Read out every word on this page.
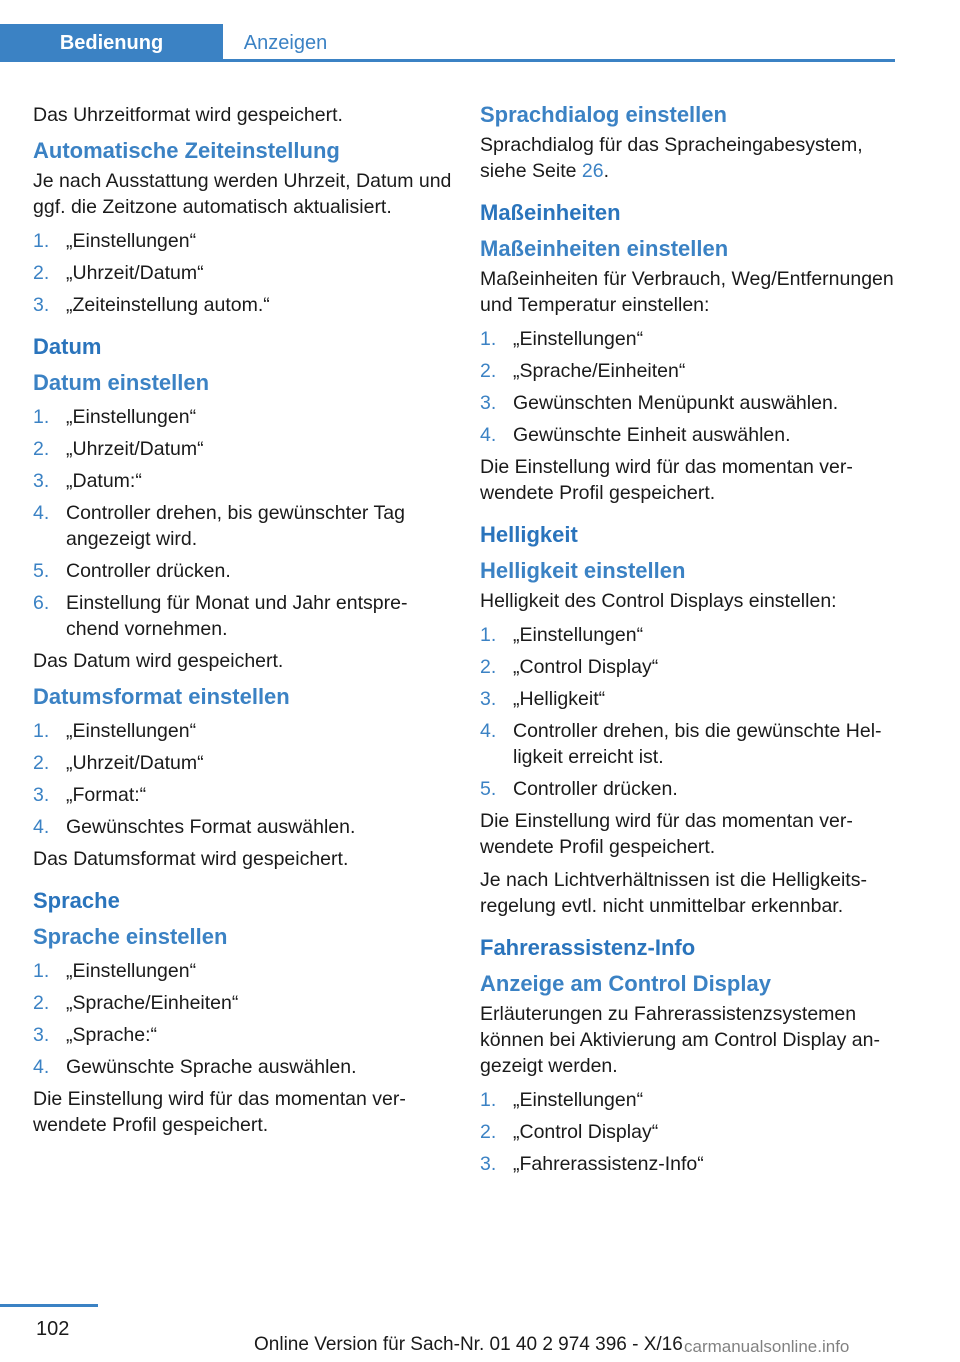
Bedienung	Anzeigen

Das Uhrzeitformat wird gespeichert.

Automatische Zeiteinstellung

Je nach Ausstattung werden Uhrzeit, Datum und ggf. die Zeitzone automatisch aktualisiert.

1. „Einstellungen“
2. „Uhrzeit/Datum“
3. „Zeiteinstellung autom.“
Datum
Datum einstellen
1. „Einstellungen“
2. „Uhrzeit/Datum“
3. „Datum:“
4. Controller drehen, bis gewünschter Tag angezeigt wird.
5. Controller drücken.
6. Einstellung für Monat und Jahr entsprechend vornehmen.

Das Datum wird gespeichert.

Datumsformat einstellen
1. „Einstellungen“
2. „Uhrzeit/Datum“
3. „Format:“
4. Gewünschtes Format auswählen.

Das Datumsformat wird gespeichert.

Sprache
Sprache einstellen
1. „Einstellungen“
2. „Sprache/Einheiten“
3. „Sprache:“
4. Gewünschte Sprache auswählen.

Die Einstellung wird für das momentan verwendete Profil gespeichert.

Sprachdialog einstellen

Sprachdialog für das Spracheingabesystem, siehe Seite 26.

Maßeinheiten
Maßeinheiten einstellen

Maßeinheiten für Verbrauch, Weg/Entfernungen und Temperatur einstellen:

1. „Einstellungen“
2. „Sprache/Einheiten“
3. Gewünschten Menüpunkt auswählen.
4. Gewünschte Einheit auswählen.

Die Einstellung wird für das momentan verwendete Profil gespeichert.

Helligkeit
Helligkeit einstellen

Helligkeit des Control Displays einstellen:

1. „Einstellungen“
2. „Control Display“
3. „Helligkeit“
4. Controller drehen, bis die gewünschte Helligkeit erreicht ist.
5. Controller drücken.

Die Einstellung wird für das momentan verwendete Profil gespeichert.

Je nach Lichtverhältnissen ist die Helligkeitsregelung evtl. nicht unmittelbar erkennbar.

Fahrerassistenz-Info
Anzeige am Control Display

Erläuterungen zu Fahrerassistenzsystemen können bei Aktivierung am Control Display angezeigt werden.

1. „Einstellungen“
2. „Control Display“
3. „Fahrerassistenz-Info“
102
Online Version für Sach-Nr. 01 40 2 974 396 - X/16 carmanualsonline.info
